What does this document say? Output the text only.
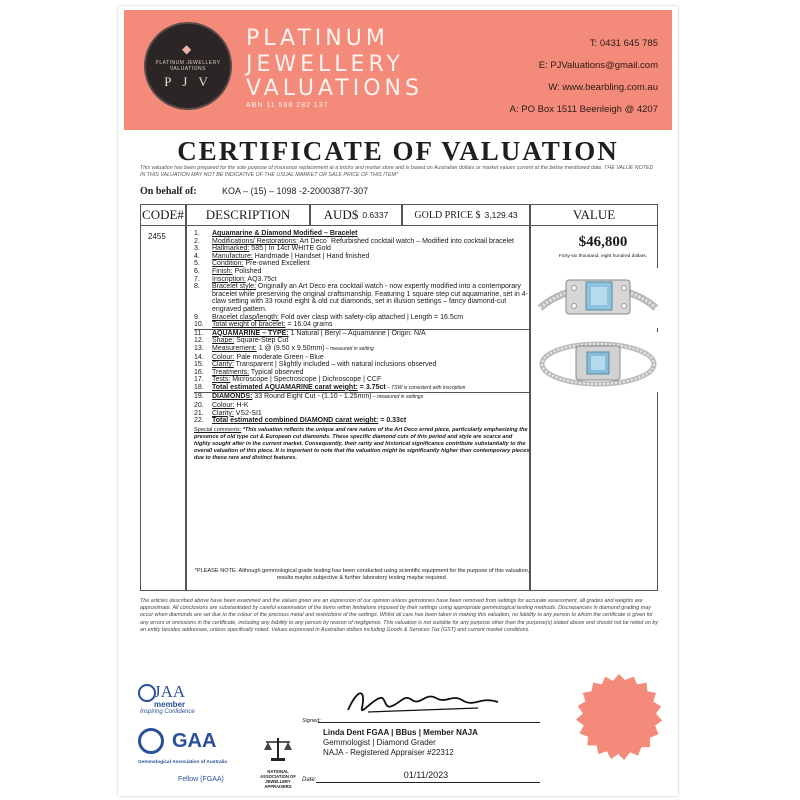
◆
PLATINUM JEWELLERY VALUATIONS
P J V
PLATINUM
JEWELLERY
VALUATIONS
ABN 11 588 282 137
T: 0431 645 785
E: PJValuations@gmail.com
W: www.bearbling.com.au
A: PO Box 1511 Beenleigh @ 4207
CERTIFICATE OF VALUATION
This valuation has been prepared for the sole purpose of insurance replacement at a bricks and mortar store and is based on Australian dollars or market values current at the below mentioned date. THE VALUE NOTED IN THIS VALUATION MAY NOT BE INDICATIVE OF THE USUAL MARKET OR SALE PRICE OF THIS ITEM*
On behalf of:	KOA – (15) – 1098 -2-20003877-307
CODE# DESCRIPTION	AUD$ 0.6337	GOLD PRICE $ 3,129.43	VALUE
2455	1.	Aquamarine & Diamond Modified – Bracelet
2.	Modifications/ Restorations: Art Deco´ Refurbished cocktail watch – Modified into cocktail bracelet
3.	Hallmarked: 585 | In 14ct WHITE Gold
4.	Manufacture: Handmade | Handset | Hand finished
5.	Condition: Pre-owned Excellent
6.	Finish: Polished
7.	Inscription: AQ3.75ct
8.	Bracelet style: Originally an Art Deco era cocktail watch - now expertly modified into a contemporary bracelet while preserving the original craftsmanship. Featuring 1 square step cut aquamarine, set in 4-claw setting with 33 round eight & old cut diamonds, set in illusion settings – fancy diamond-cut engraved pattern.
9.	Bracelet clasp/length: Fold over clasp with safety-clip attached | Length = 16.5cm
10.	Total weight of bracelet: = 16.04 grams
11.	AQUAMARINE – TYPE: 1 Natural | Beryl – Aquamarine | Origin: N/A
12.	Shape: Square-Step Cut
13.	Measurement: 1 @ (9.50 x 9.50mm) – measured in setting
14.	Colour: Pale moderate Green - Blue
15.	Clarity: Transparent | Slightly included – with natural inclusions observed
16.	Treatments: Typical observed
17.	Tests: Microscope | Spectroscope | Dichroscope | CCF
18.	Total estimated AQUAMARINE carat weight: = 3.75ct – TSW is consistent with inscription
19.	DIAMONDS: 33 Round Eight Cut - (1.10 - 1.25mm) – measured in settings
20.	Colour: H-K
21.	Clarity: VS2-SI1
22.	Total estimated combined DIAMOND carat weight: = 0.33ct
Special comments: *This valuation reflects the unique and rare nature of the Art Deco erred piece, particularly emphasizing the presence of old type cut & European cut diamonds. These specific diamond cuts of this period and style are scarce and highly sought after in the current market. Consequently, their rarity and historical significance contribute substantially to the overall valuation of this piece. It is important to note that the valuation might be significantly higher than contemporary pieces due to these rare and distinct features.
*PLEASE NOTE: Although gemmological grade testing has been conducted using scientific equipment for the purpose of this valuation, results maybe subjective & further laboratory testing maybe required.
$46,800
Forty-six thousand, eight hundred dollars.
The articles described above have been examined and the values given are an expression of our opinion unless gemstones have been removed from settings for accurate assessment, all grades and weights are approximate. All conclusions are substantiated by careful examination of the items within limitations imposed by their settings using appropriate gemmological testing methods. Discrepancies in diamond grading may occur when diamonds are set due to the colour of the precious metal and restrictions of the settings. Whilst all care has been taken in making this valuation, no liability to any person to whom the certificate is given for any errors or omissions in the certificate, including any liability to any person by reason of negligence. This valuation is not suitable for any purpose other than the purpose(s) stated above and should not be relied on by an entity besides addressee, unless specifically noted. Values expressed in Australian dollars including Goods & Services Tax (GST) and current market conditions.
JAA
member
Inspiring Confidence
GAA
Gemmological Association of Australia
Fellow (FGAA)
NATIONAL ASSOCIATION OF JEWELLERY APPRAISERS
Signed:
Linda Dent FGAA | BBus | Member NAJA
Gemmologist | Diamond Grader
NAJA - Registered Appraiser #22312
Date:	01/11/2023
